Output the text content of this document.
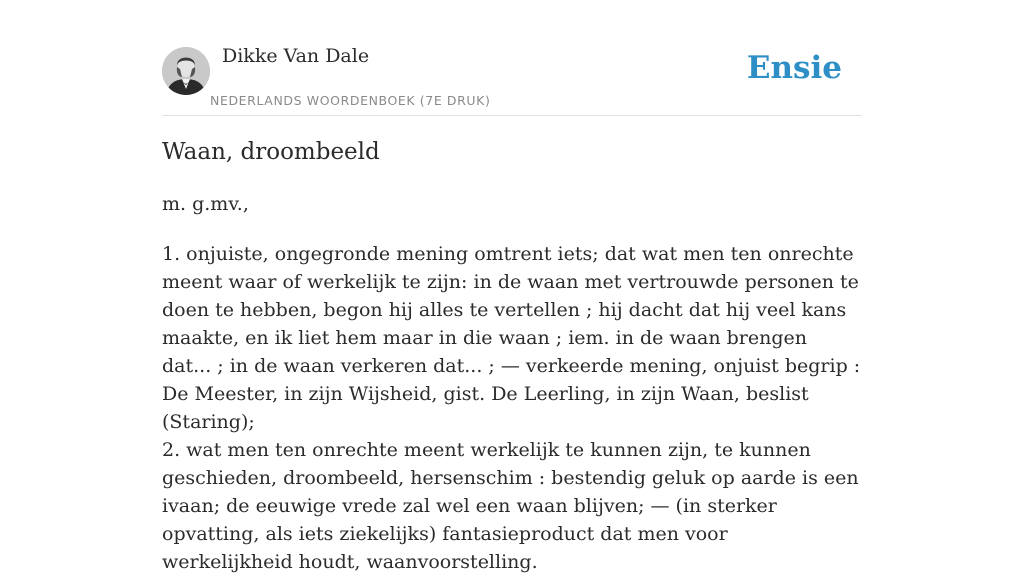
Dikke Van Dale
NEDERLANDS WOORDENBOEK (7E DRUK)
Ensie
Waan, droombeeld

m. g.mv.,

1. onjuiste, ongegronde mening omtrent iets; dat wat men ten onrechte meent waar of werkelijk te zijn: in de waan met vertrouwde personen te doen te hebben, begon hij alles te vertellen ; hij dacht dat hij veel kans maakte, en ik liet hem maar in die waan ; iem. in de waan brengen dat... ; in de waan verkeren dat... ; — verkeerde mening, onjuist begrip : De Meester, in zijn Wijsheid, gist. De Leerling, in zijn Waan, beslist (Staring);

2. wat men ten onrechte meent werkelijk te kunnen zijn, te kunnen geschieden, droombeeld, hersenschim : bestendig geluk op aarde is een ivaan; de eeuwige vrede zal wel een waan blijven; — (in sterker opvatting, als iets ziekelijks) fantasieproduct dat men voor werkelijkheid houdt, waanvoorstelling.
